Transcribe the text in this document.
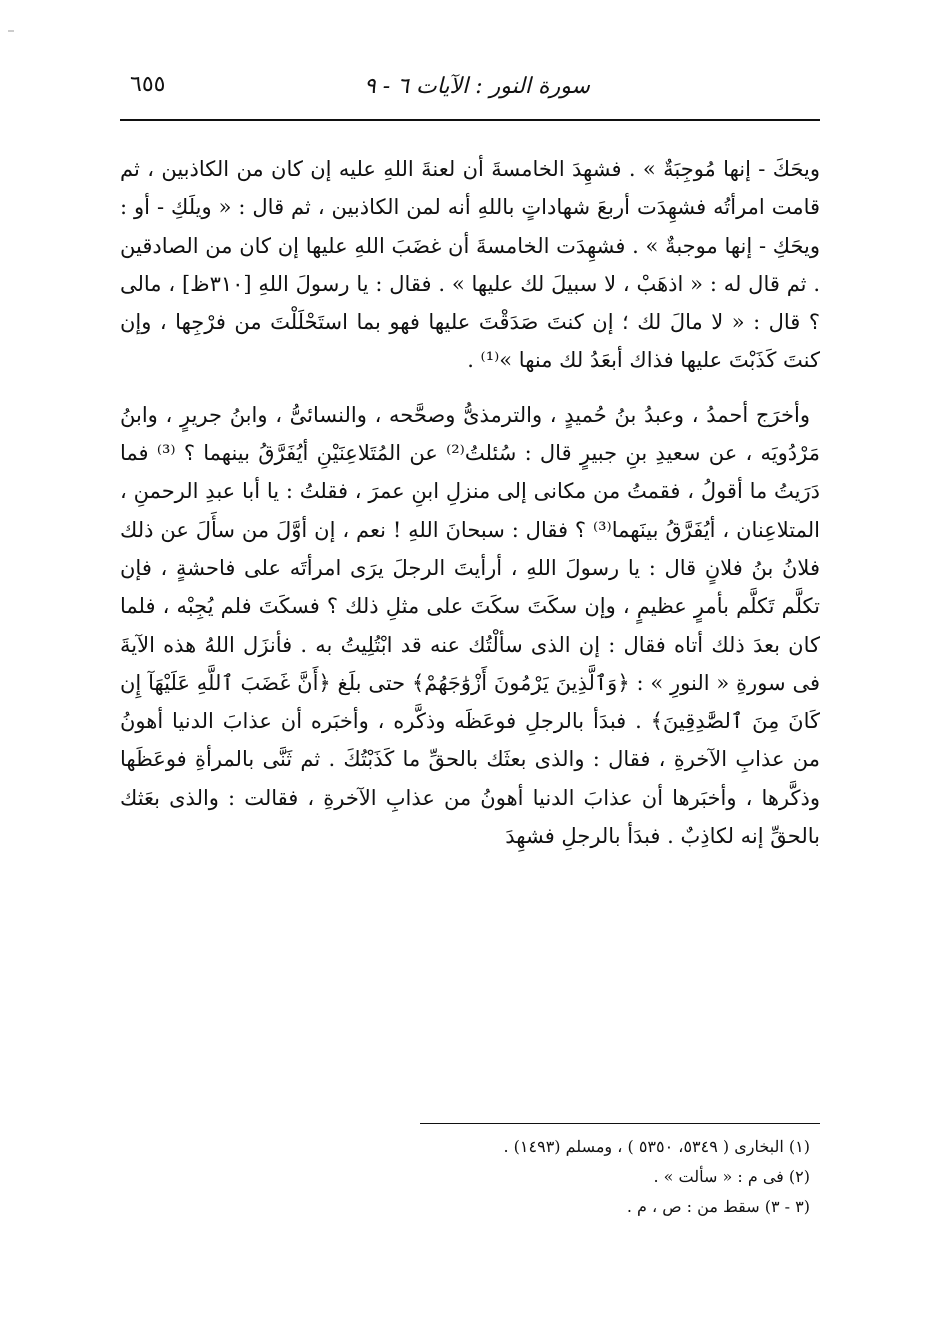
سورة النور : الآيات ٦ - ٩
٦٥٥

ويحَكَ - إنها مُوجِبَةٌ » . فشهِدَ الخامسةَ أن لعنةَ اللهِ عليه إن كان من الكاذبين ، ثم قامت امرأتُه فشهِدَت أربعَ شهاداتٍ باللهِ أنه لمن الكاذبين ، ثم قال : « ويلَكِ - أو : ويحَكِ - إنها موجبةٌ » . فشهِدَت الخامسةَ أن غضَبَ اللهِ عليها إن كان من الصادقين . ثم قال له : « اذهَبْ ، لا سبيلَ لك عليها » . فقال : يا رسولَ اللهِ [٣١٠ظ] ، مالى ؟ قال : « لا مالَ لك ؛ إن كنتَ صَدَقْتَ عليها فهو بما استَحْلَلْتَ من فرْجِها ، وإن كنتَ كَذَبْتَ عليها فذاك أبعَدُ لك منها »⁽¹⁾ .

وأخرَج أحمدُ ، وعبدُ بنُ حُميدٍ ، والترمذىُّ وصحَّحه ، والنسائىُّ ، وابنُ جريرٍ ، وابنُ مَرْدُويَه ، عن سعيدِ بنِ جبيرٍ قال : سُئلتُ⁽²⁾ عن المُتَلاعِنَيْنِ أيُفَرَّقُ بينهما ؟ ⁽³⁾ فما دَرَيتُ ما أقولُ ، فقمتُ من مكانى إلى منزلِ ابنِ عمرَ ، فقلتُ : يا أبا عبدِ الرحمنِ ، المتلاعِنان ، أيُفَرَّقُ بينَهما⁽³⁾ ؟ فقال : سبحانَ اللهِ ! نعم ، إن أوَّلَ من سأَلَ عن ذلك فلانُ بنُ فلانٍ قال : يا رسولَ اللهِ ، أرأيتَ الرجلَ يرَى امرأتَه على فاحشةٍ ، فإن تكلَّم تَكلَّم بأمرٍ عظيمٍ ، وإن سكَتَ سكَتَ على مثلِ ذلك ؟ فسكَتَ فلم يُجِبْه ، فلما كان بعدَ ذلك أتاه فقال : إن الذى سألْتُك عنه قد ابْتُلِيتُ به . فأنزَل اللهُ هذه الآيةَ فى سورةِ « النورِ » : ﴿وَٱلَّذِينَ يَرْمُونَ أَزْوَٰجَهُمْ﴾ حتى بلَغ ﴿أَنَّ غَضَبَ ٱللَّهِ عَلَيْهَآ إِن كَانَ مِنَ ٱلصَّٰدِقِينَ﴾ . فبدَأ بالرجلِ فوعَظَه وذكَّره ، وأخبَره أن عذابَ الدنيا أهونُ من عذابِ الآخرةِ ، فقال : والذى بعثَك بالحقِّ ما كَذَبْتُكَ . ثم ثَنَّى بالمرأةِ فوعَظَها وذكَّرها ، وأخبَرها أن عذابَ الدنيا أهونُ من عذابِ الآخرةِ ، فقالت : والذى بعَثك بالحقِّ إنه لكاذِبٌ . فبدَأ بالرجلِ فشهِدَ

(١) البخارى ( ٥٣٤٩، ٥٣٥٠ ) ، ومسلم (١٤٩٣) .

(٢) فى م : « سألت » .

(٣ - ٣) سقط من : ص ، م .
